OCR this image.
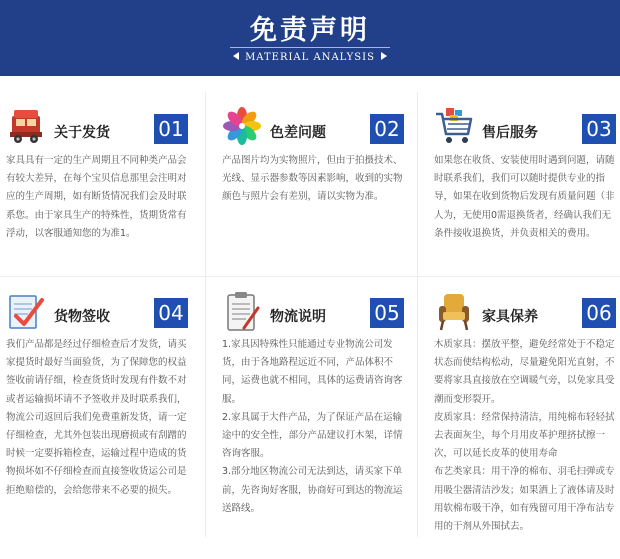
免责声明
MATERIAL ANALYSIS
关于发货 01

家具具有一定的生产周期且不同种类产品会有较大差异，在每个宝贝信息那里会注明对应的生产周期，如有断货情况我们会及时联系您。由于家具生产的特殊性，货期货常有浮动，以客服通知您的为准1。

色差问题 02

产品图片均为实物照片，但由于拍摄技术、光线、显示器参数等因素影响，收到的实物颜色与照片会有差别，请以实物为准。

售后服务 03

如果您在收货、安装使用时遇到问题，请随时联系我们，我们可以随时提供专业的指导，如果在收到货物后发现有质量问题（非人为，无使用0需退换货者，经确认我们无条件接收退换货，并负责相关的费用。

货物签收 04

我们产品都是经过仔细检查后才发货，请买家提货时最好当面验货，为了保障您的权益签收前请仔细，检查货货时发现有件数不对或者运输损坏请不予签收并及时联系我们，物流公司返回后我们免费重新发货，请一定仔细检查，尤其外包装出现磨损或有刮蹭的时候一定要拆箱检查，运输过程中造成的货物损坏如不仔细检查而直接签收货运公司是拒绝赔偿的，会给您带来不必要的损失。

物流说明 05

1.家具因特殊性只能通过专业物流公司发货，由于各地路程远近不同，产品体积不同，运费也就不相同，具体的运费请咨询客服。

2.家具属于大件产品，为了保证产品在运输途中的安全性，部分产品建议打木架，详情咨询客服。

3.部分地区物流公司无法到达，请买家下单前，先咨询好客服，协商好可到达的物流运送路线。

家具保养 06

木质家具：摆放平整，避免经常处于不稳定状态而使结构松动，尽量避免阳光直射，不要将家具直接放在空调暖气旁，以免家具受潮而变形裂开。

皮质家具：经常保持清洁，用纯棉布轻轻拭去表面灰尘，每个月用皮革护理挤拭擦一次，可以延长皮革的使用寿命

布艺类家具：用干净的棉布、羽毛扫弹或专用吸尘器清洁沙发；如果洒上了液体请及时用软棉布吸干净，如有残留可用干净布沾专用的干剂从外围拭去。
